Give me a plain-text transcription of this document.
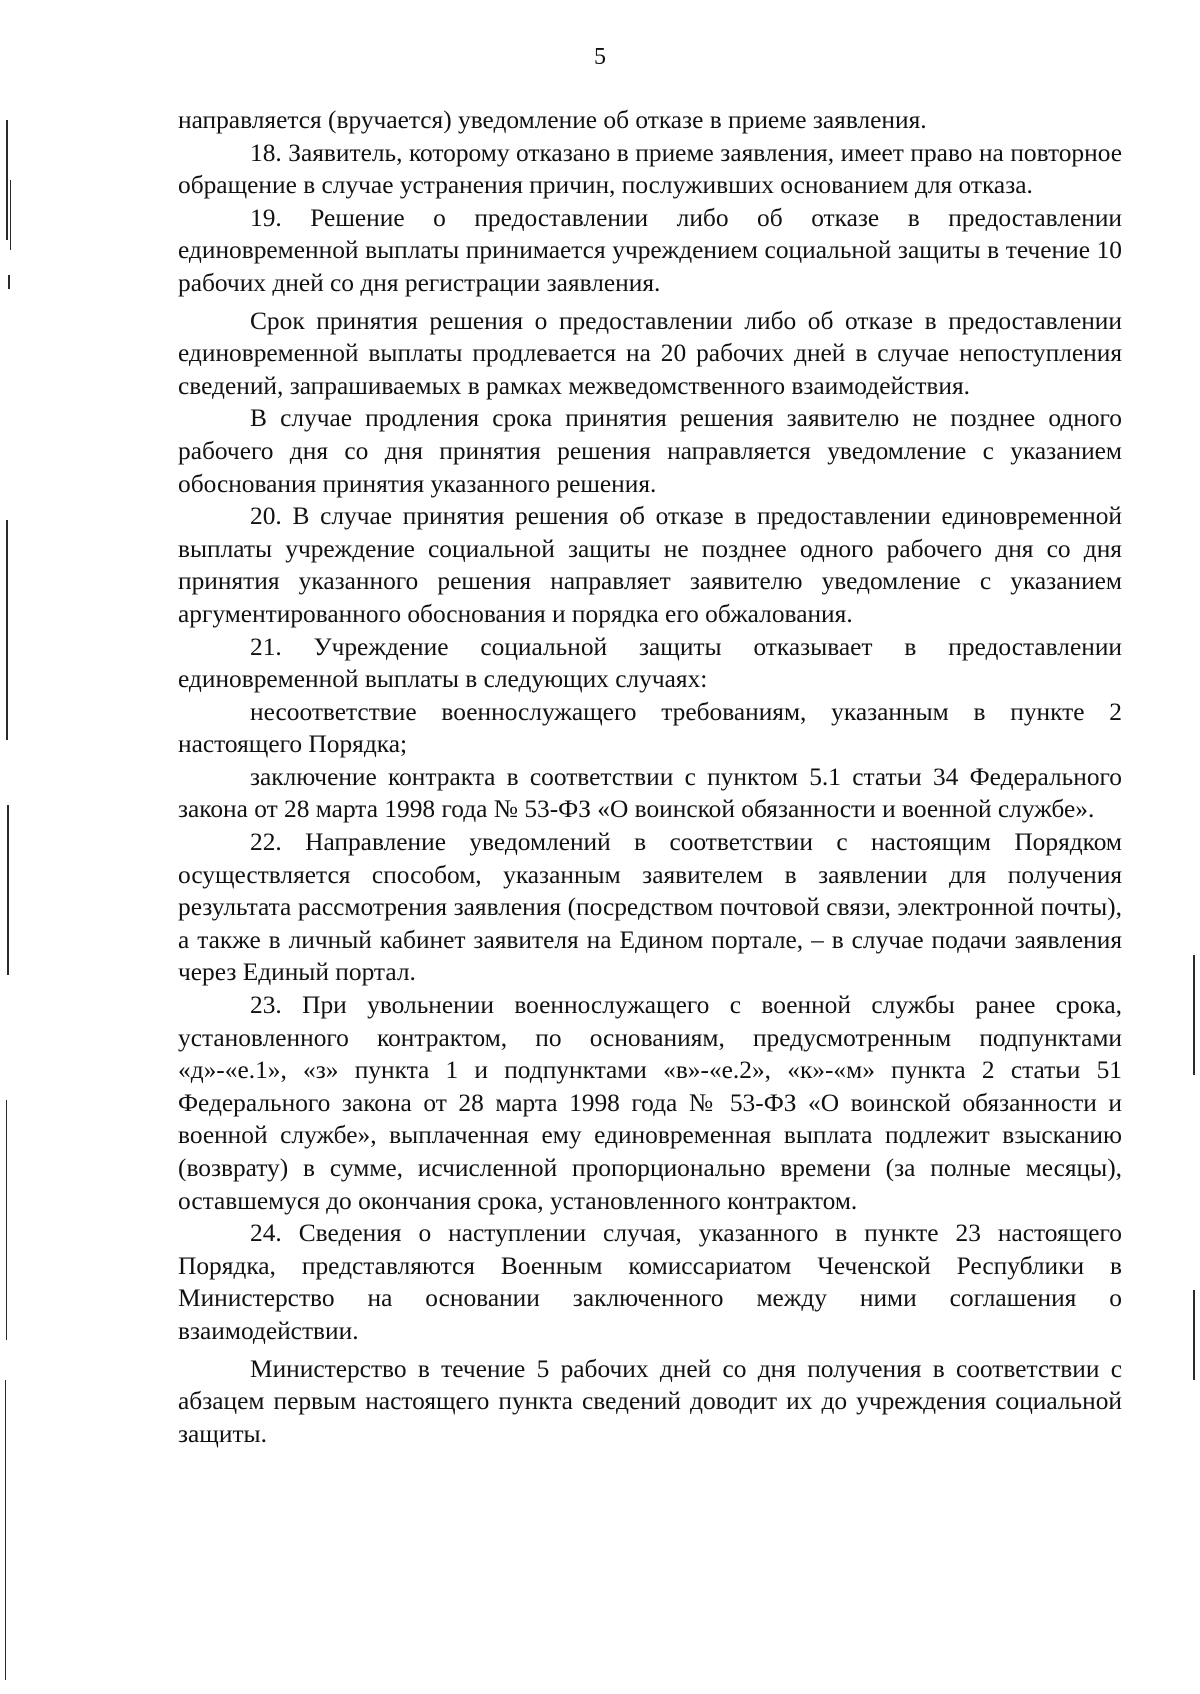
5

направляется (вручается) уведомление об отказе в приеме заявления.

18. Заявитель, которому отказано в приеме заявления, имеет право на повторное обращение в случае устранения причин, послуживших основанием для отказа.

19. Решение о предоставлении либо об отказе в предоставлении единовременной выплаты принимается учреждением социальной защиты в течение 10 рабочих дней со дня регистрации заявления.

Срок принятия решения о предоставлении либо об отказе в предоставлении единовременной выплаты продлевается на 20 рабочих дней в случае непоступления сведений, запрашиваемых в рамках межведомственного взаимодействия.

В случае продления срока принятия решения заявителю не позднее одного рабочего дня со дня принятия решения направляется уведомление с указанием обоснования принятия указанного решения.

20. В случае принятия решения об отказе в предоставлении единовременной выплаты учреждение социальной защиты не позднее одного рабочего дня со дня принятия указанного решения направляет заявителю уведомление с указанием аргументированного обоснования и порядка его обжалования.

21. Учреждение социальной защиты отказывает в предоставлении единовременной выплаты в следующих случаях:

несоответствие военнослужащего требованиям, указанным в пункте 2 настоящего Порядка;

заключение контракта в соответствии с пунктом 5.1 статьи 34 Федерального закона от 28 марта 1998 года № 53-ФЗ «О воинской обязанности и военной службе».

22. Направление уведомлений в соответствии с настоящим Порядком осуществляется способом, указанным заявителем в заявлении для получения результата рассмотрения заявления (посредством почтовой связи, электронной почты), а также в личный кабинет заявителя на Едином портале, – в случае подачи заявления через Единый портал.

23. При увольнении военнослужащего с военной службы ранее срока, установленного контрактом, по основаниям, предусмотренным подпунктами «д»-«е.1», «з» пункта 1 и подпунктами «в»-«е.2», «к»-«м» пункта 2 статьи 51 Федерального закона от 28 марта 1998 года № 53-ФЗ «О воинской обязанности и военной службе», выплаченная ему единовременная выплата подлежит взысканию (возврату) в сумме, исчисленной пропорционально времени (за полные месяцы), оставшемуся до окончания срока, установленного контрактом.

24. Сведения о наступлении случая, указанного в пункте 23 настоящего Порядка, представляются Военным комиссариатом Чеченской Республики в Министерство на основании заключенного между ними соглашения о взаимодействии.

Министерство в течение 5 рабочих дней со дня получения в соответствии с абзацем первым настоящего пункта сведений доводит их до учреждения социальной защиты.
